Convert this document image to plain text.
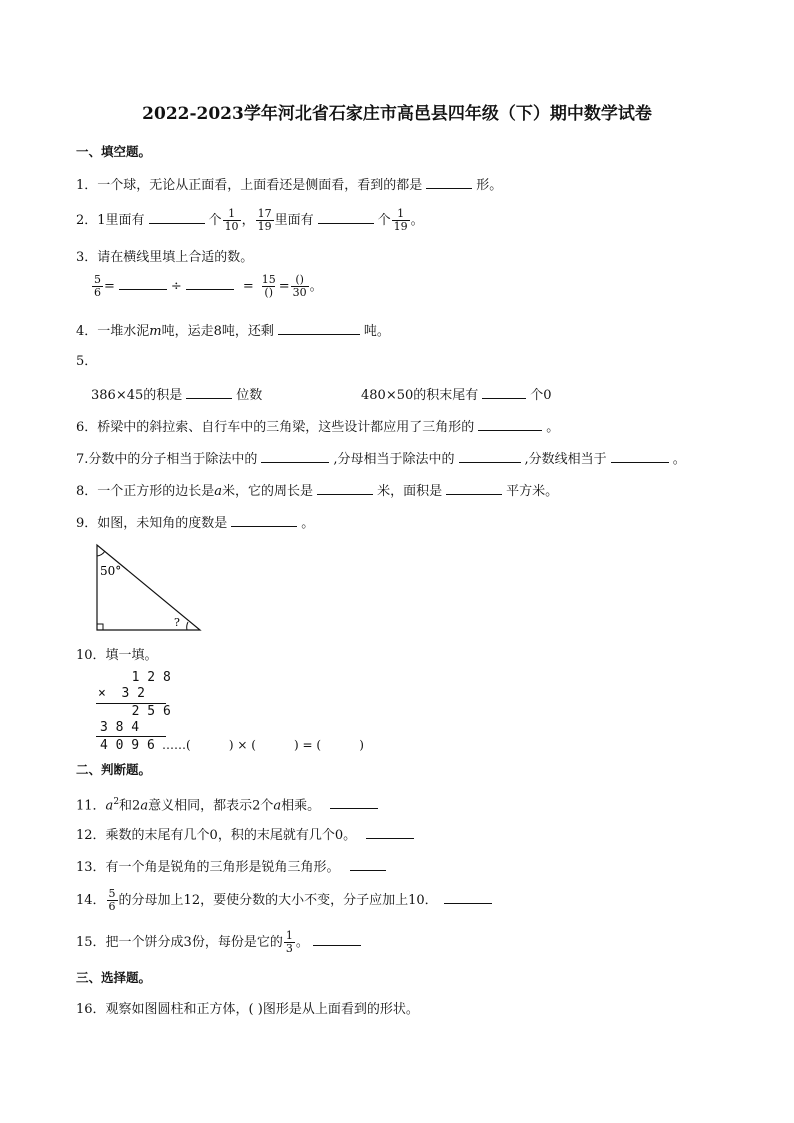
2022-2023学年河北省石家庄市高邑县四年级（下）期中数学试卷
一、填空题。
1．一个球，无论从正面看，上面看还是侧面看，看到的都是	形。
2．1里面有	个 $\frac{1}{10}$ ， $\frac{17}{19}$ 里面有	个 $\frac{1}{19}$ 。
3．请在横线里填上合适的数。
$\frac{5}{6}$ =	÷	= $\frac{15}{()} = \frac{()}{30}$ 。
4．一堆水泥m吨，运走8吨，还剩	吨。
5．
386×45的积是	位数	480×50的积末尾有	个0
6．桥梁中的斜拉索、自行车中的三角梁，这些设计都应用了三角形的	。
7.分数中的分子相当于除法中的	,分母相当于除法中的	,分数线相当于	。
8．一个正方形的边长是a米，它的周长是	米，面积是	平方米。
9．如图，未知角的度数是	。
50°
?
10．填一填。
1 2 8
×  3 2
2 5 6
3 8 4
4 0 9 6 ……(          ) × (          ) = (          )
二、判断题。
11．$a^2$和2a意义相同，都表示2个a相乘。
12．乘数的末尾有几个0，积的末尾就有几个0。
13．有一个角是锐角的三角形是锐角三角形。
14． $\frac{5}{6}$ 的分母加上12，要使分数的大小不变，分子应加上10．
15．把一个饼分成3份，每份是它的 $\frac{1}{3}$ 。
三、选择题。
16．观察如图圆柱和正方体，( )图形是从上面看到的形状。
